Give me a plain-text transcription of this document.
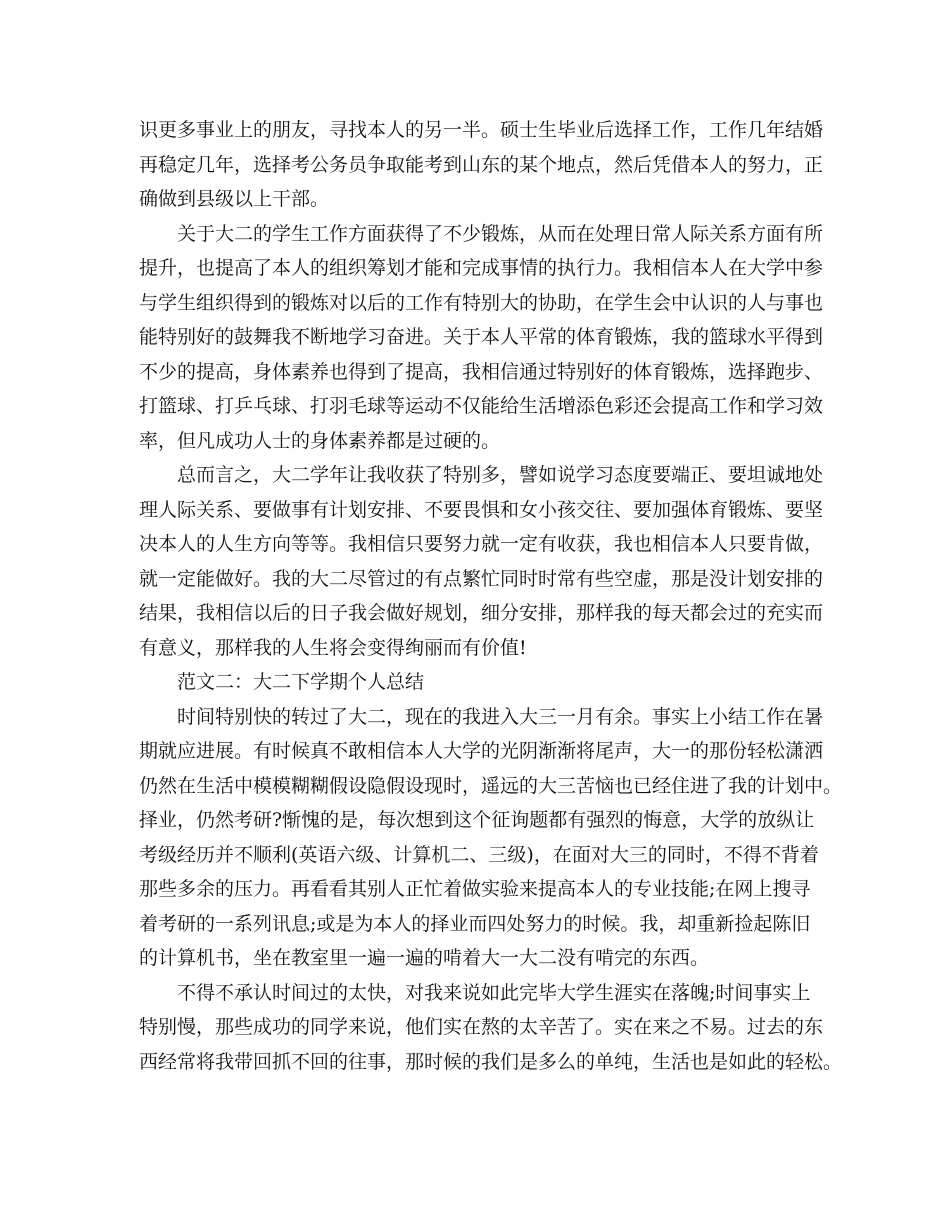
识更多事业上的朋友，寻找本人的另一半。硕士生毕业后选择工作，工作几年结婚
再稳定几年，选择考公务员争取能考到山东的某个地点，然后凭借本人的努力，正
确做到县级以上干部。
关于大二的学生工作方面获得了不少锻炼，从而在处理日常人际关系方面有所
提升，也提高了本人的组织筹划才能和完成事情的执行力。我相信本人在大学中参
与学生组织得到的锻炼对以后的工作有特别大的协助，在学生会中认识的人与事也
能特别好的鼓舞我不断地学习奋进。关于本人平常的体育锻炼，我的篮球水平得到
不少的提高，身体素养也得到了提高，我相信通过特别好的体育锻炼，选择跑步、
打篮球、打乒乓球、打羽毛球等运动不仅能给生活增添色彩还会提高工作和学习效
率，但凡成功人士的身体素养都是过硬的。
总而言之，大二学年让我收获了特别多，譬如说学习态度要端正、要坦诚地处
理人际关系、要做事有计划安排、不要畏惧和女小孩交往、要加强体育锻炼、要坚
决本人的人生方向等等。我相信只要努力就一定有收获，我也相信本人只要肯做，
就一定能做好。我的大二尽管过的有点繁忙同时时常有些空虚，那是没计划安排的
结果，我相信以后的日子我会做好规划，细分安排，那样我的每天都会过的充实而
有意义，那样我的人生将会变得绚丽而有价值!
范文二：大二下学期个人总结
时间特别快的转过了大二，现在的我进入大三一月有余。事实上小结工作在暑
期就应进展。有时候真不敢相信本人大学的光阴渐渐将尾声，大一的那份轻松潇洒
仍然在生活中模模糊糊假设隐假设现时，遥远的大三苦恼也已经住进了我的计划中。
择业，仍然考研?惭愧的是，每次想到这个征询题都有强烈的悔意，大学的放纵让
考级经历并不顺利(英语六级、计算机二、三级)，在面对大三的同时，不得不背着
那些多余的压力。再看看其别人正忙着做实验来提高本人的专业技能;在网上搜寻
着考研的一系列讯息;或是为本人的择业而四处努力的时候。我，却重新捡起陈旧
的计算机书，坐在教室里一遍一遍的啃着大一大二没有啃完的东西。
不得不承认时间过的太快，对我来说如此完毕大学生涯实在落魄;时间事实上
特别慢，那些成功的同学来说，他们实在熬的太辛苦了。实在来之不易。过去的东
西经常将我带回抓不回的往事，那时候的我们是多么的单纯，生活也是如此的轻松。
